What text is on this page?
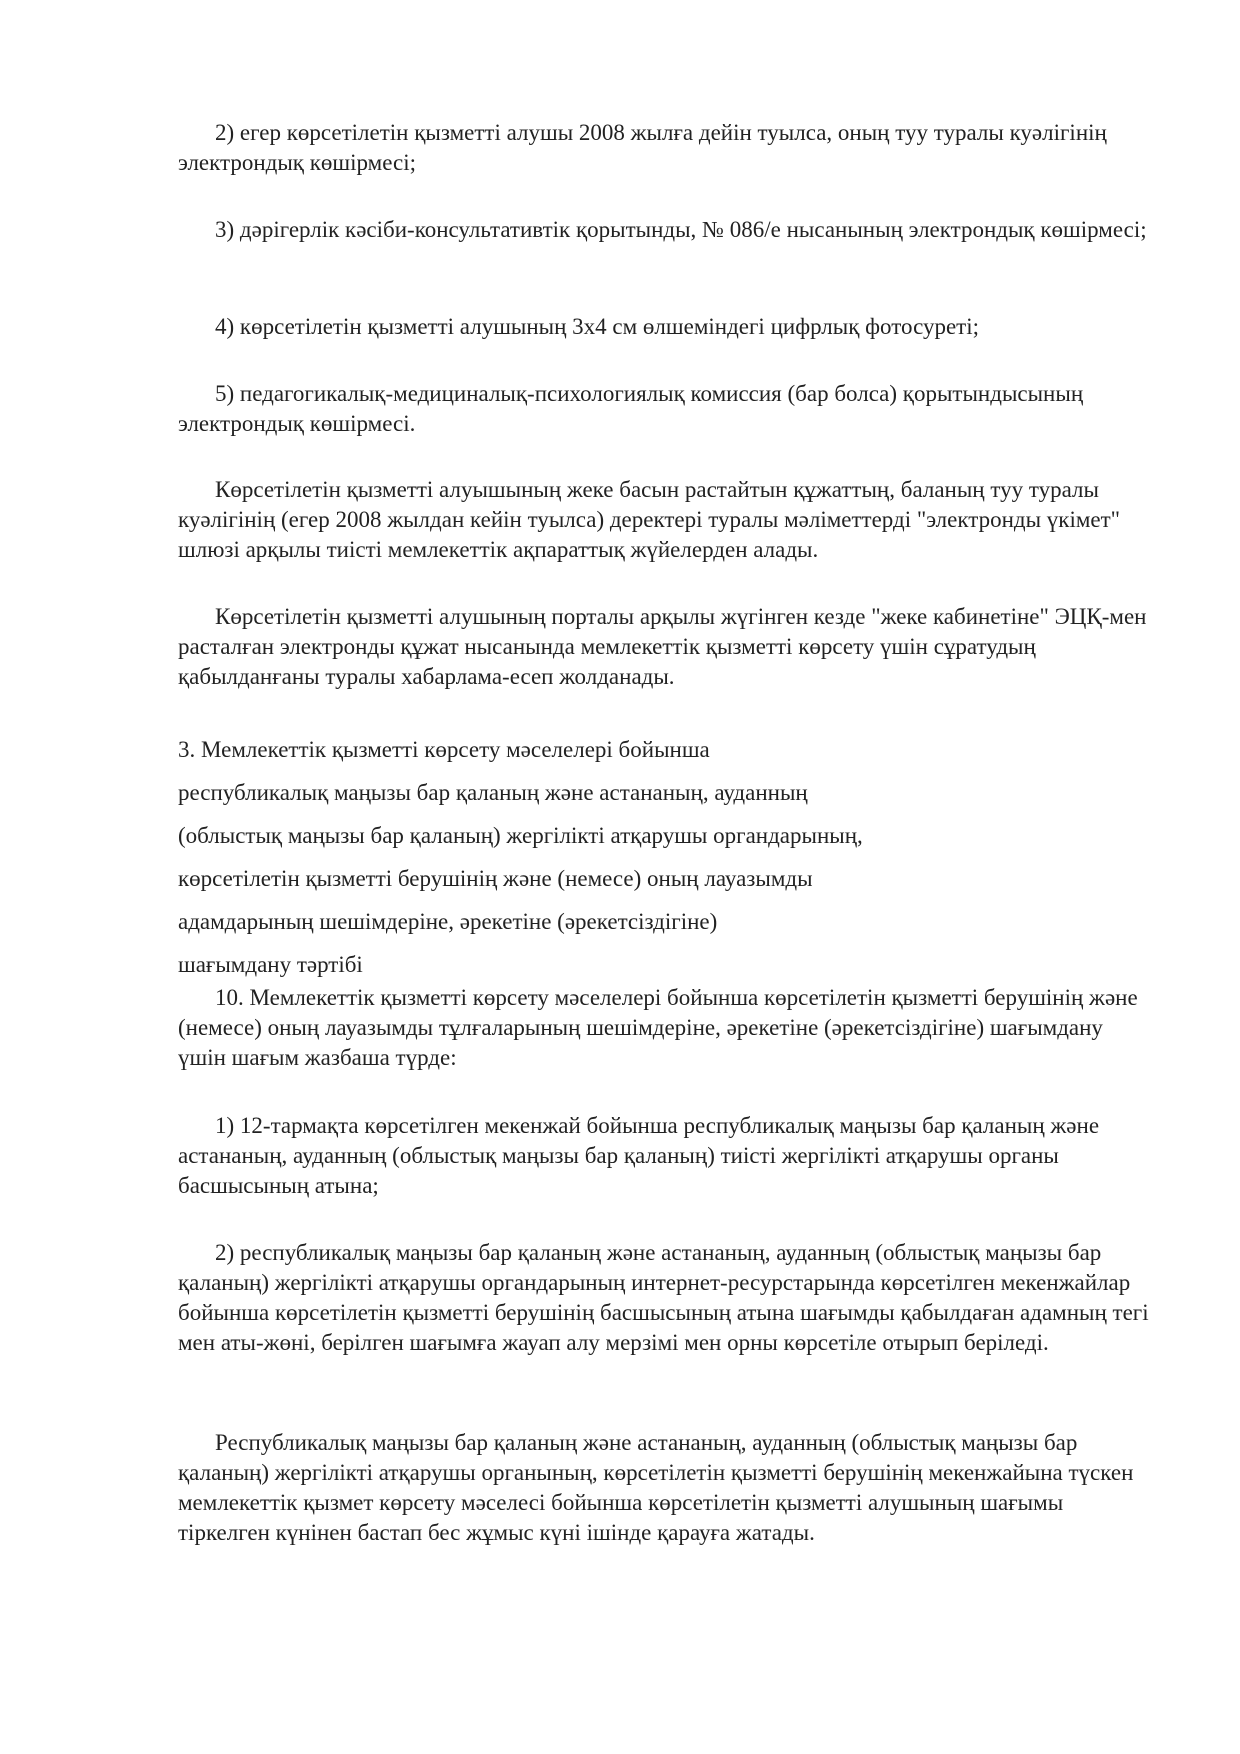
2) егер көрсетілетін қызметті алушы 2008 жылға дейін туылса, оның туу туралы куәлігінің электрондық көшірмесі;

3) дәрігерлік кәсіби-консультативтік қорытынды, № 086/е нысанының электрондық көшірмесі;

4) көрсетілетін қызметті алушының 3х4 см өлшеміндегі цифрлық фотосуреті;

5) педагогикалық-медициналық-психологиялық комиссия (бар болса) қорытындысының электрондық көшірмесі.

Көрсетілетін қызметті алуышының жеке басын растайтын құжаттың, баланың туу туралы куәлігінің (егер 2008 жылдан кейін туылса) деректері туралы мәліметтерді "электронды үкімет" шлюзі арқылы тиісті мемлекеттік ақпараттық жүйелерден алады.

Көрсетілетін қызметті алушының порталы арқылы жүгінген кезде "жеке кабинетіне" ЭЦҚ-мен расталған электронды құжат нысанында мемлекеттік қызметті көрсету үшін сұратудың қабылданғаны туралы хабарлама-есеп жолданады.

3. Мемлекеттік қызметті көрсету мәселелері бойынша
республикалық маңызы бар қаланың және астананың, ауданның
(облыстық маңызы бар қаланың) жергілікті атқарушы органдарының,
көрсетілетін қызметті берушінің және (немесе) оның лауазымды
адамдарының шешімдеріне, әрекетіне (әрекетсіздігіне)
шағымдану тәртібі

10. Мемлекеттік қызметті көрсету мәселелері бойынша көрсетілетін қызметті берушінің және (немесе) оның лауазымды тұлғаларының шешімдеріне, әрекетіне (әрекетсіздігіне) шағымдану үшін шағым жазбаша түрде:

1) 12-тармақта көрсетілген мекенжай бойынша республикалық маңызы бар қаланың және астананың, ауданның (облыстық маңызы бар қаланың) тиісті жергілікті атқарушы органы басшысының атына;

2) республикалық маңызы бар қаланың және астананың, ауданның (облыстық маңызы бар қаланың) жергілікті атқарушы органдарының интернет-ресурстарында көрсетілген мекенжайлар бойынша көрсетілетін қызметті берушінің басшысының атына шағымды қабылдаған адамның тегі мен аты-жөні, берілген шағымға жауап алу мерзімі мен орны көрсетіле отырып беріледі.

Республикалық маңызы бар қаланың және астананың, ауданның (облыстық маңызы бар қаланың) жергілікті атқарушы органының, көрсетілетін қызметті берушінің мекенжайына түскен мемлекеттік қызмет көрсету мәселесі бойынша көрсетілетін қызметті алушының шағымы тіркелген күнінен бастап бес жұмыс күні ішінде қарауға жатады.
